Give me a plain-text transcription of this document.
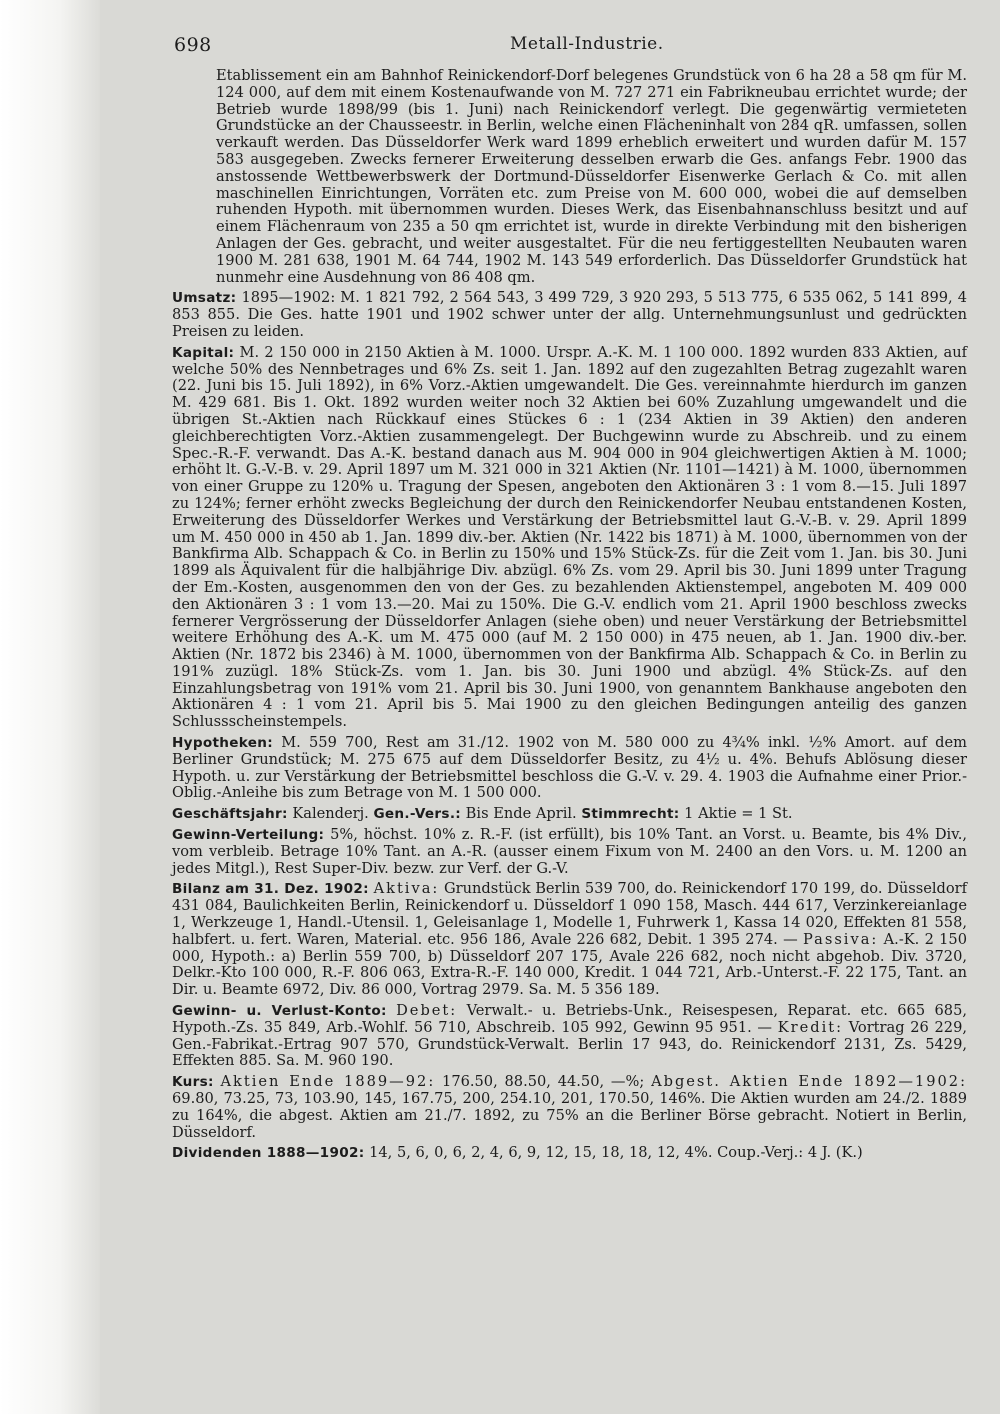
698	Metall-Industrie.

Etablissement ein am Bahnhof Reinickendorf-Dorf belegenes Grundstück von 6 ha 28 a 58 qm für M. 124 000, auf dem mit einem Kostenaufwande von M. 727 271 ein Fabrikneubau errichtet wurde; der Betrieb wurde 1898/99 (bis 1. Juni) nach Reinickendorf verlegt. Die gegenwärtig vermieteten Grundstücke an der Chausseestr. in Berlin, welche einen Flächeninhalt von 284 qR. umfassen, sollen verkauft werden. Das Düsseldorfer Werk ward 1899 erheblich erweitert und wurden dafür M. 157 583 ausgegeben. Zwecks fernerer Erweiterung desselben erwarb die Ges. anfangs Febr. 1900 das anstossende Wettbewerbswerk der Dortmund-Düsseldorfer Eisenwerke Gerlach & Co. mit allen maschinellen Einrichtungen, Vorräten etc. zum Preise von M. 600 000, wobei die auf demselben ruhenden Hypoth. mit übernommen wurden. Dieses Werk, das Eisenbahnanschluss besitzt und auf einem Flächenraum von 235 a 50 qm errichtet ist, wurde in direkte Verbindung mit den bisherigen Anlagen der Ges. gebracht, und weiter ausgestaltet. Für die neu fertiggestellten Neubauten waren 1900 M. 281 638, 1901 M. 64 744, 1902 M. 143 549 erforderlich. Das Düsseldorfer Grundstück hat nunmehr eine Ausdehnung von 86 408 qm.

Umsatz: 1895—1902: M. 1 821 792, 2 564 543, 3 499 729, 3 920 293, 5 513 775, 6 535 062, 5 141 899, 4 853 855. Die Ges. hatte 1901 und 1902 schwer unter der allg. Unternehmungsunlust und gedrückten Preisen zu leiden.

Kapital: M. 2 150 000 in 2150 Aktien à M. 1000. Urspr. A.-K. M. 1 100 000. 1892 wurden 833 Aktien, auf welche 50% des Nennbetrages und 6% Zs. seit 1. Jan. 1892 auf den zugezahlten Betrag zugezahlt waren (22. Juni bis 15. Juli 1892), in 6% Vorz.-Aktien umgewandelt. Die Ges. vereinnahmte hierdurch im ganzen M. 429 681. Bis 1. Okt. 1892 wurden weiter noch 32 Aktien bei 60% Zuzahlung umgewandelt und die übrigen St.-Aktien nach Rückkauf eines Stückes 6 : 1 (234 Aktien in 39 Aktien) den anderen gleichberechtigten Vorz.-Aktien zusammengelegt. Der Buchgewinn wurde zu Abschreib. und zu einem Spec.-R.-F. verwandt. Das A.-K. bestand danach aus M. 904 000 in 904 gleichwertigen Aktien à M. 1000; erhöht lt. G.-V.-B. v. 29. April 1897 um M. 321 000 in 321 Aktien (Nr. 1101—1421) à M. 1000, übernommen von einer Gruppe zu 120% u. Tragung der Spesen, angeboten den Aktionären 3 : 1 vom 8.—15. Juli 1897 zu 124%; ferner erhöht zwecks Begleichung der durch den Reinickendorfer Neubau entstandenen Kosten, Erweiterung des Düsseldorfer Werkes und Verstärkung der Betriebsmittel laut G.-V.-B. v. 29. April 1899 um M. 450 000 in 450 ab 1. Jan. 1899 div.-ber. Aktien (Nr. 1422 bis 1871) à M. 1000, übernommen von der Bankfirma Alb. Schappach & Co. in Berlin zu 150% und 15% Stück-Zs. für die Zeit vom 1. Jan. bis 30. Juni 1899 als Äquivalent für die halbjährige Div. abzügl. 6% Zs. vom 29. April bis 30. Juni 1899 unter Tragung der Em.-Kosten, ausgenommen den von der Ges. zu bezahlenden Aktienstempel, angeboten M. 409 000 den Aktionären 3 : 1 vom 13.—20. Mai zu 150%. Die G.-V. endlich vom 21. April 1900 beschloss zwecks fernerer Vergrösserung der Düsseldorfer Anlagen (siehe oben) und neuer Verstärkung der Betriebsmittel weitere Erhöhung des A.-K. um M. 475 000 (auf M. 2 150 000) in 475 neuen, ab 1. Jan. 1900 div.-ber. Aktien (Nr. 1872 bis 2346) à M. 1000, übernommen von der Bankfirma Alb. Schappach & Co. in Berlin zu 191% zuzügl. 18% Stück-Zs. vom 1. Jan. bis 30. Juni 1900 und abzügl. 4% Stück-Zs. auf den Einzahlungsbetrag von 191% vom 21. April bis 30. Juni 1900, von genanntem Bankhause angeboten den Aktionären 4 : 1 vom 21. April bis 5. Mai 1900 zu den gleichen Bedingungen anteilig des ganzen Schlussscheinstempels.

Hypotheken: M. 559 700, Rest am 31./12. 1902 von M. 580 000 zu 4¾% inkl. ½% Amort. auf dem Berliner Grundstück; M. 275 675 auf dem Düsseldorfer Besitz, zu 4½ u. 4%. Behufs Ablösung dieser Hypoth. u. zur Verstärkung der Betriebsmittel beschloss die G.-V. v. 29. 4. 1903 die Aufnahme einer Prior.-Oblig.-Anleihe bis zum Betrage von M. 1 500 000.

Geschäftsjahr: Kalenderj. Gen.-Vers.: Bis Ende April. Stimmrecht: 1 Aktie = 1 St.

Gewinn-Verteilung: 5%, höchst. 10% z. R.-F. (ist erfüllt), bis 10% Tant. an Vorst. u. Beamte, bis 4% Div., vom verbleib. Betrage 10% Tant. an A.-R. (ausser einem Fixum von M. 2400 an den Vors. u. M. 1200 an jedes Mitgl.), Rest Super-Div. bezw. zur Verf. der G.-V.

Bilanz am 31. Dez. 1902: Aktiva: Grundstück Berlin 539 700, do. Reinickendorf 170 199, do. Düsseldorf 431 084, Baulichkeiten Berlin, Reinickendorf u. Düsseldorf 1 090 158, Masch. 444 617, Verzinkereianlage 1, Werkzeuge 1, Handl.-Utensil. 1, Geleisanlage 1, Modelle 1, Fuhrwerk 1, Kassa 14 020, Effekten 81 558, halbfert. u. fert. Waren, Material. etc. 956 186, Avale 226 682, Debit. 1 395 274. — Passiva: A.-K. 2 150 000, Hypoth.: a) Berlin 559 700, b) Düsseldorf 207 175, Avale 226 682, noch nicht abgehob. Div. 3720, Delkr.-Kto 100 000, R.-F. 806 063, Extra-R.-F. 140 000, Kredit. 1 044 721, Arb.-Unterst.-F. 22 175, Tant. an Dir. u. Beamte 6972, Div. 86 000, Vortrag 2979. Sa. M. 5 356 189.

Gewinn- u. Verlust-Konto: Debet: Verwalt.- u. Betriebs-Unk., Reisespesen, Reparat. etc. 665 685, Hypoth.-Zs. 35 849, Arb.-Wohlf. 56 710, Abschreib. 105 992, Gewinn 95 951. — Kredit: Vortrag 26 229, Gen.-Fabrikat.-Ertrag 907 570, Grundstück-Verwalt. Berlin 17 943, do. Reinickendorf 2131, Zs. 5429, Effekten 885. Sa. M. 960 190.

Kurs: Aktien Ende 1889—92: 176.50, 88.50, 44.50, —%; Abgest. Aktien Ende 1892—1902: 69.80, 73.25, 73, 103.90, 145, 167.75, 200, 254.10, 201, 170.50, 146%. Die Aktien wurden am 24./2. 1889 zu 164%, die abgest. Aktien am 21./7. 1892, zu 75% an die Berliner Börse gebracht. Notiert in Berlin, Düsseldorf.

Dividenden 1888—1902: 14, 5, 6, 0, 6, 2, 4, 6, 9, 12, 15, 18, 18, 12, 4%. Coup.-Verj.: 4 J. (K.)
